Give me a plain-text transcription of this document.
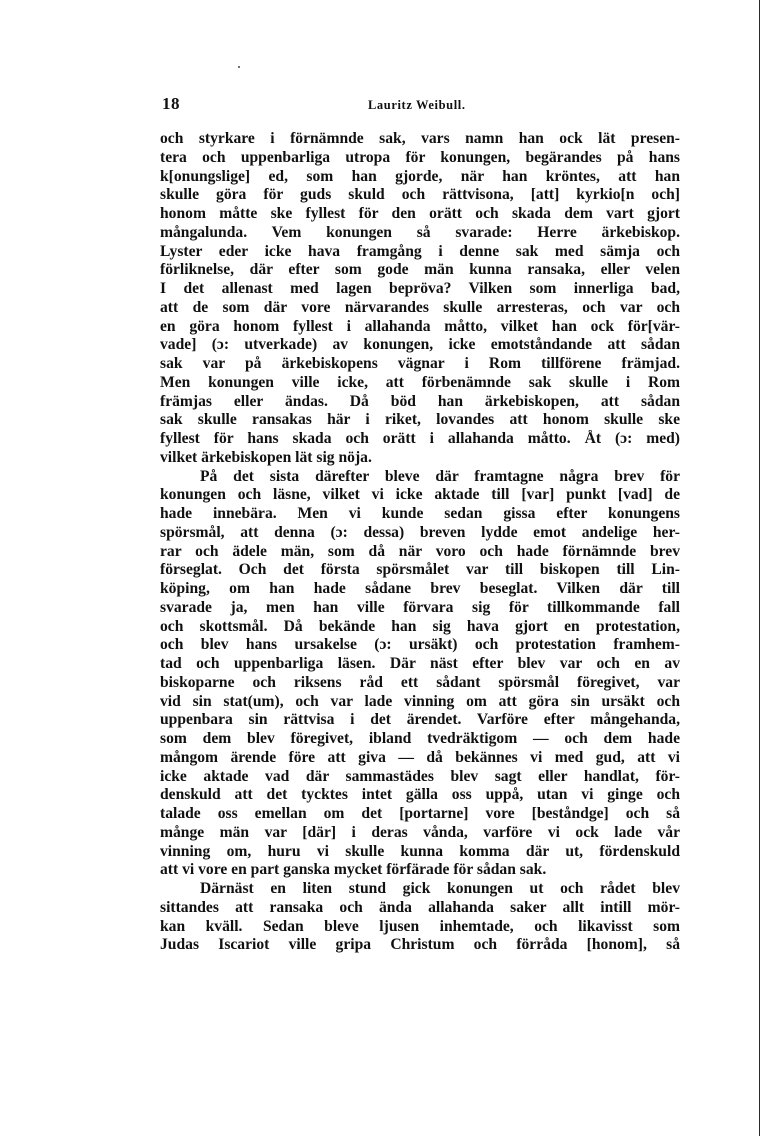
18	Lauritz Weibull.
och styrkare i förnämnde sak, vars namn han ock lät presen-
tera och uppenbarliga utropa för konungen, begärandes på hans
k[onungslige] ed, som han gjorde, när han kröntes, att han
skulle göra för guds skuld och rättvisona, [att] kyrkio[n och]
honom måtte ske fyllest för den orätt och skada dem vart gjort
mångalunda. Vem konungen så svarade: Herre ärkebiskop.
Lyster eder icke hava framgång i denne sak med sämja och
förliknelse, där efter som gode män kunna ransaka, eller velen
I det allenast med lagen bepröva? Vilken som innerliga bad,
att de som där vore närvarandes skulle arresteras, och var och
en göra honom fyllest i allahanda måtto, vilket han ock för[vär-
vade] (ɔ: utverkade) av konungen, icke emotståndande att sådan
sak var på ärkebiskopens vägnar i Rom tillförene främjad.
Men konungen ville icke, att förbenämnde sak skulle i Rom
främjas eller ändas. Då böd han ärkebiskopen, att sådan
sak skulle ransakas här i riket, lovandes att honom skulle ske
fyllest för hans skada och orätt i allahanda måtto. Åt (ɔ: med)
vilket ärkebiskopen lät sig nöja.
På det sista därefter bleve där framtagne några brev för
konungen och läsne, vilket vi icke aktade till [var] punkt [vad] de
hade innebära. Men vi kunde sedan gissa efter konungens
spörsmål, att denna (ɔ: dessa) breven lydde emot andelige her-
rar och ädele män, som då när voro och hade förnämnde brev
förseglat. Och det första spörsmålet var till biskopen till Lin-
köping, om han hade sådane brev beseglat. Vilken där till
svarade ja, men han ville förvara sig för tillkommande fall
och skottsmål. Då bekände han sig hava gjort en protestation,
och blev hans ursakelse (ɔ: ursäkt) och protestation framhem-
tad och uppenbarliga läsen. Där näst efter blev var och en av
biskoparne och riksens råd ett sådant spörsmål föregivet, var
vid sin stat(um), och var lade vinning om att göra sin ursäkt och
uppenbara sin rättvisa i det ärendet. Varföre efter mångehanda,
som dem blev föregivet, ibland tvedräktigom — och dem hade
mångom ärende före att giva — då bekännes vi med gud, att vi
icke aktade vad där sammastädes blev sagt eller handlat, för-
denskuld att det tycktes intet gälla oss uppå, utan vi ginge och
talade oss emellan om det [portarne] vore [beståndge] och så
månge män var [där] i deras vånda, varföre vi ock lade vår
vinning om, huru vi skulle kunna komma där ut, fördenskuld
att vi vore en part ganska mycket förfärade för sådan sak.
Därnäst en liten stund gick konungen ut och rådet blev
sittandes att ransaka och ända allahanda saker allt intill mör-
kan kväll. Sedan bleve ljusen inhemtade, och likavisst som
Judas Iscariot ville gripa Christum och förråda [honom], så
